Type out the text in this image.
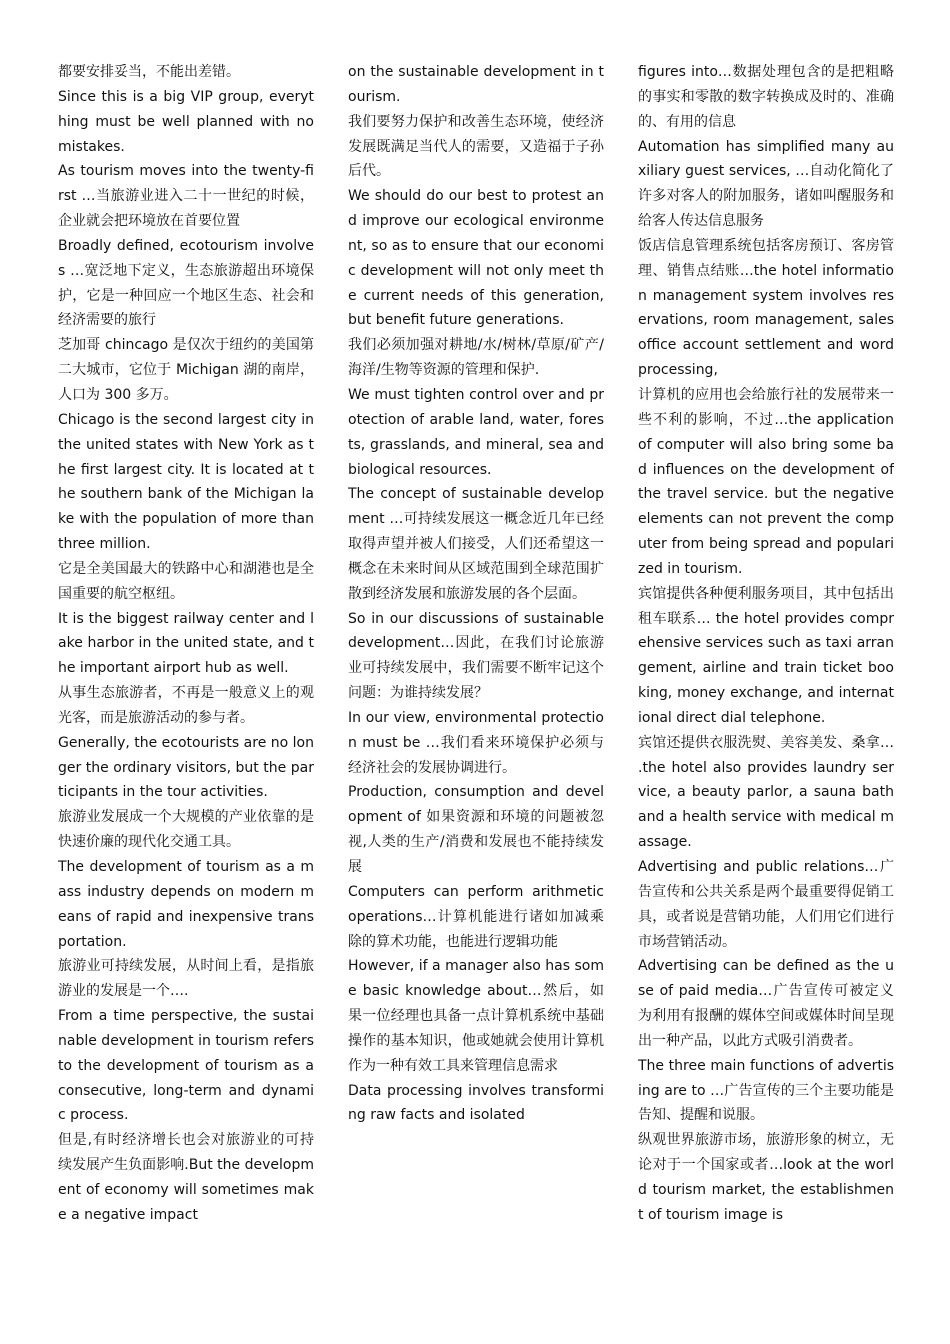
都要安排妥当，不能出差错。

Since this is a big VIP group, everything must be well planned with no mistakes.

As tourism moves into the twenty-first …当旅游业进入二十一世纪的时候，企业就会把环境放在首要位置

Broadly defined, ecotourism involves …宽泛地下定义，生态旅游超出环境保护，它是一种回应一个地区生态、社会和经济需要的旅行

芝加哥 chincago 是仅次于纽约的美国第二大城市，它位于 Michigan 湖的南岸，人口为 300 多万。

Chicago is the second largest city in the united states with New York as the first largest city. It is located at the southern bank of the Michigan lake with the population of more than three million.

它是全美国最大的铁路中心和湖港也是全国重要的航空枢纽。

It is the biggest railway center and lake harbor in the united state, and the important airport hub as well.

从事生态旅游者，不再是一般意义上的观光客，而是旅游活动的参与者。

Generally, the ecotourists are no longer the ordinary visitors, but the participants in the tour activities.

旅游业发展成一个大规模的产业依靠的是快速价廉的现代化交通工具。

The development of tourism as a mass industry depends on modern means of rapid and inexpensive transportation.

旅游业可持续发展，从时间上看，是指旅游业的发展是一个….

From a time perspective, the sustainable development in tourism refers to the development of tourism as a consecutive, long-term and dynamic process.

但是,有时经济增长也会对旅游业的可持续发展产生负面影响.But the development of economy will sometimes make a negative impact

on the sustainable development in tourism.

我们要努力保护和改善生态环境，使经济发展既满足当代人的需要，又造福于子孙后代。

We should do our best to protest an d improve our ecological environment, so as to ensure that our economic development will not only meet the current needs of this generation, but benefit future generations.

我们必须加强对耕地/水/树林/草原/矿产/海洋/生物等资源的管理和保护.

We must tighten control over and protection of arable land, water, forests, grasslands, and mineral, sea and biological resources.

The concept of sustainable development …可持续发展这一概念近几年已经取得声望并被人们接受，人们还希望这一概念在未来时间从区域范围到全球范围扩散到经济发展和旅游发展的各个层面。

So in our discussions of sustainable development…因此，在我们讨论旅游业可持续发展中，我们需要不断牢记这个问题：为谁持续发展？

In our view, environmental protection must be …我们看来环境保护必须与经济社会的发展协调进行。

Production, consumption and development of 如果资源和环境的问题被忽视,人类的生产/消费和发展也不能持续发展

Computers can perform arithmetic operations…计算机能进行诸如加减乘除的算术功能，也能进行逻辑功能

However, if a manager also has some basic knowledge about…然后，如果一位经理也具备一点计算机系统中基础操作的基本知识，他或她就会使用计算机作为一种有效工具来管理信息需求

Data processing involves transforming raw facts and isolated

figures into…数据处理包含的是把粗略的事实和零散的数字转换成及时的、准确的、有用的信息

Automation has simplified many auxiliary guest services, …自动化简化了许多对客人的附加服务，诸如叫醒服务和给客人传达信息服务

饭店信息管理系统包括客房预订、客房管理、销售点结账…the hotel information management system involves reservations, room management, sales office account settlement and word processing,

计算机的应用也会给旅行社的发展带来一些不利的影响，不过…the application of computer will also bring some bad influences on the development of the travel service. but the negative elements can not prevent the computer from being spread and popularized in tourism.

宾馆提供各种便利服务项目，其中包括出租车联系… the hotel provides comprehensive services such as taxi arrangement, airline and train ticket booking, money exchange, and international direct dial telephone.

宾馆还提供衣服洗熨、美容美发、桑拿… .the hotel also provides laundry service, a beauty parlor, a sauna bath and a health service with medical massage.

Advertising and public relations…广告宣传和公共关系是两个最重要得促销工具，或者说是营销功能，人们用它们进行市场营销活动。

Advertising can be defined as the use of paid media…广告宣传可被定义为利用有报酬的媒体空间或媒体时间呈现出一种产品，以此方式吸引消费者。

The three main functions of advertising are to …广告宣传的三个主要功能是告知、提醒和说服。

纵观世界旅游市场，旅游形象的树立，无论对于一个国家或者…look at the world tourism market, the establishment of tourism image is
